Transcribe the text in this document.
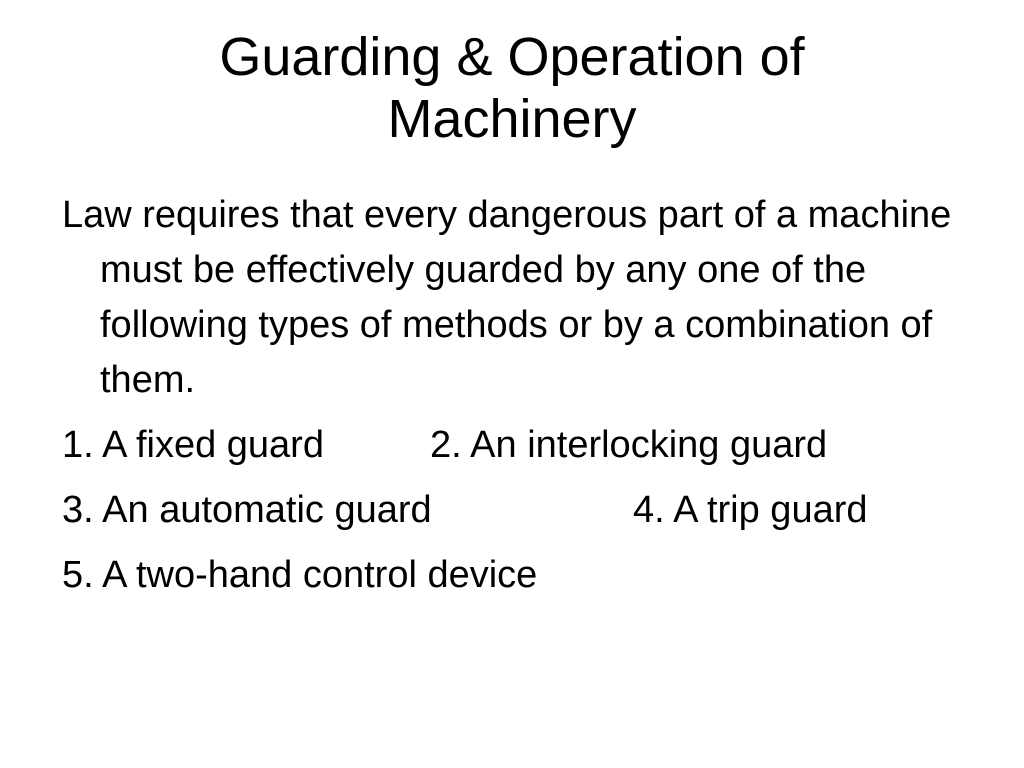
Guarding & Operation of
Machinery

Law requires that every dangerous part of a machine must be effectively guarded by any one of the following types of methods or by a combination of them.

1. A fixed guard	2. An interlocking guard
3. An automatic guard	4. A trip guard
5. A two-hand control device
